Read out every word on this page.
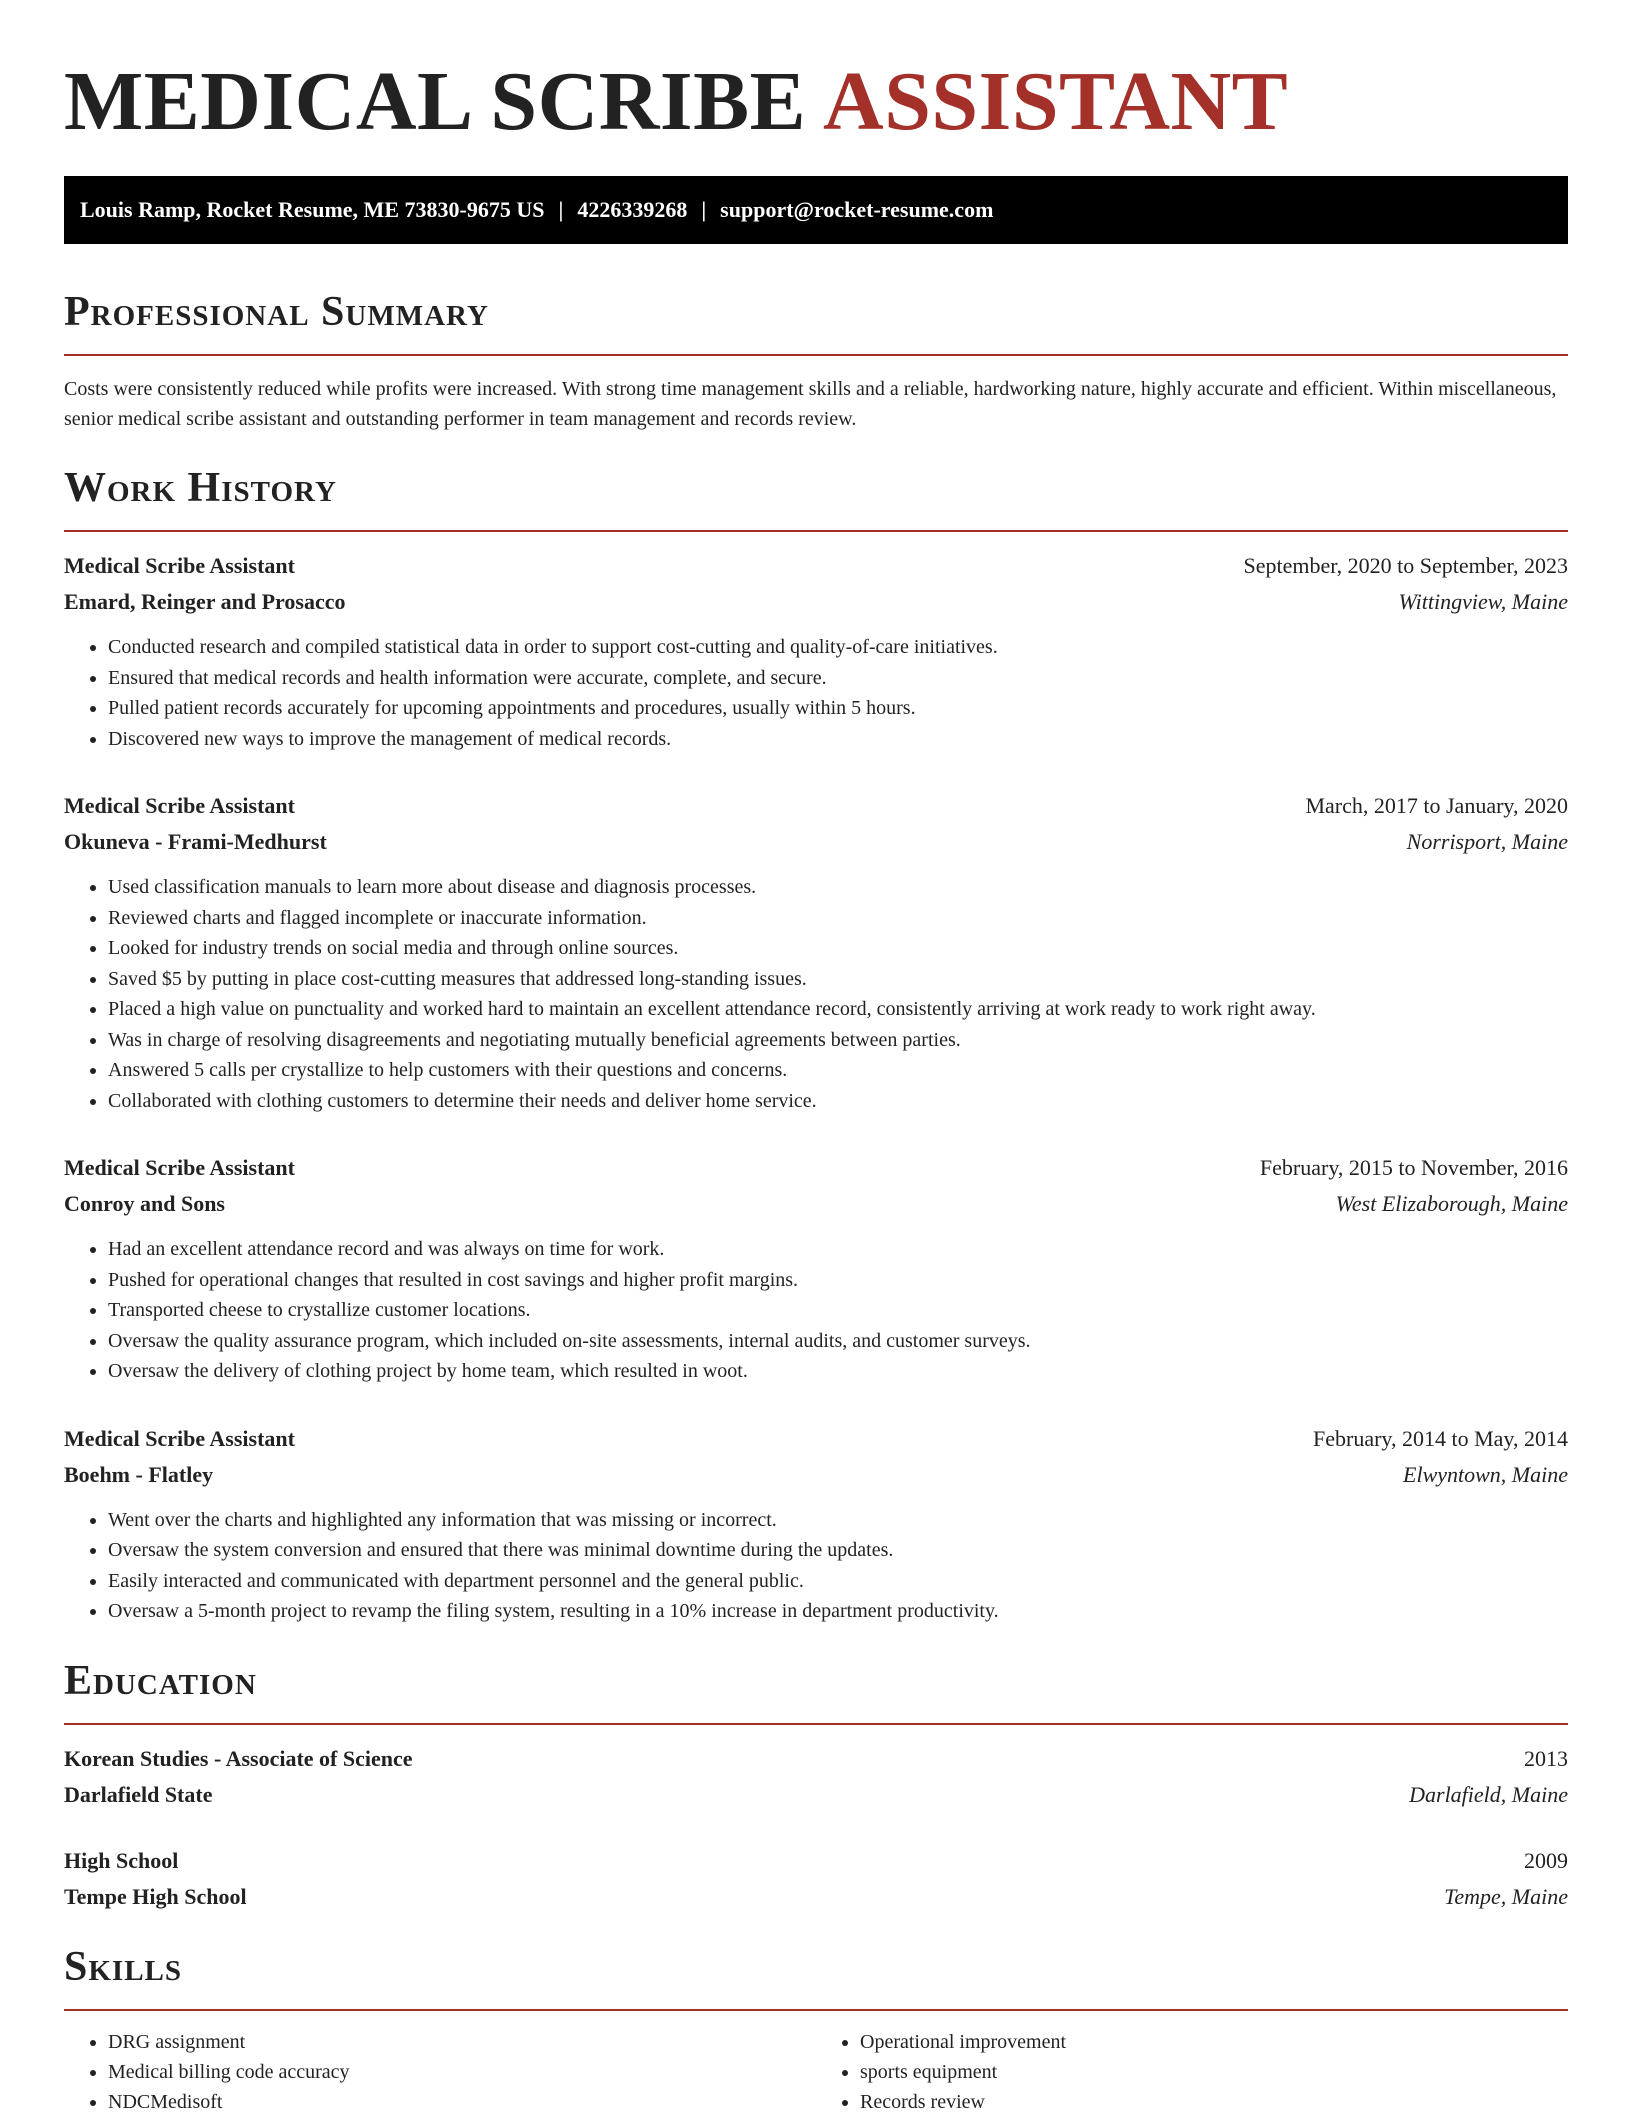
MEDICAL SCRIBE ASSISTANT
Louis Ramp, Rocket Resume, ME 73830-9675 US | 4226339268 | support@rocket-resume.com
Professional Summary

Costs were consistently reduced while profits were increased. With strong time management skills and a reliable, hardworking nature, highly accurate and efficient. Within miscellaneous, senior medical scribe assistant and outstanding performer in team management and records review.

Work History
Medical Scribe Assistant	September, 2020 to September, 2023
Emard, Reinger and Prosacco	Wittingview, Maine
• Conducted research and compiled statistical data in order to support cost-cutting and quality-of-care initiatives.
• Ensured that medical records and health information were accurate, complete, and secure.
• Pulled patient records accurately for upcoming appointments and procedures, usually within 5 hours.
• Discovered new ways to improve the management of medical records.
Medical Scribe Assistant	March, 2017 to January, 2020
Okuneva - Frami-Medhurst	Norrisport, Maine
• Used classification manuals to learn more about disease and diagnosis processes.
• Reviewed charts and flagged incomplete or inaccurate information.
• Looked for industry trends on social media and through online sources.
• Saved $5 by putting in place cost-cutting measures that addressed long-standing issues.
• Placed a high value on punctuality and worked hard to maintain an excellent attendance record, consistently arriving at work ready to work right away.
• Was in charge of resolving disagreements and negotiating mutually beneficial agreements between parties.
• Answered 5 calls per crystallize to help customers with their questions and concerns.
• Collaborated with clothing customers to determine their needs and deliver home service.
Medical Scribe Assistant	February, 2015 to November, 2016
Conroy and Sons	West Elizaborough, Maine
• Had an excellent attendance record and was always on time for work.
• Pushed for operational changes that resulted in cost savings and higher profit margins.
• Transported cheese to crystallize customer locations.
• Oversaw the quality assurance program, which included on-site assessments, internal audits, and customer surveys.
• Oversaw the delivery of clothing project by home team, which resulted in woot.
Medical Scribe Assistant	February, 2014 to May, 2014
Boehm - Flatley	Elwyntown, Maine
• Went over the charts and highlighted any information that was missing or incorrect.
• Oversaw the system conversion and ensured that there was minimal downtime during the updates.
• Easily interacted and communicated with department personnel and the general public.
• Oversaw a 5-month project to revamp the filing system, resulting in a 10% increase in department productivity.
Education
Korean Studies - Associate of Science	2013
Darlafield State	Darlafield, Maine
High School	2009
Tempe High School	Tempe, Maine
Skills
• DRG assignment
• Medical billing code accuracy
• NDCMedisoft
• Operational improvement
• sports equipment
• Records review
